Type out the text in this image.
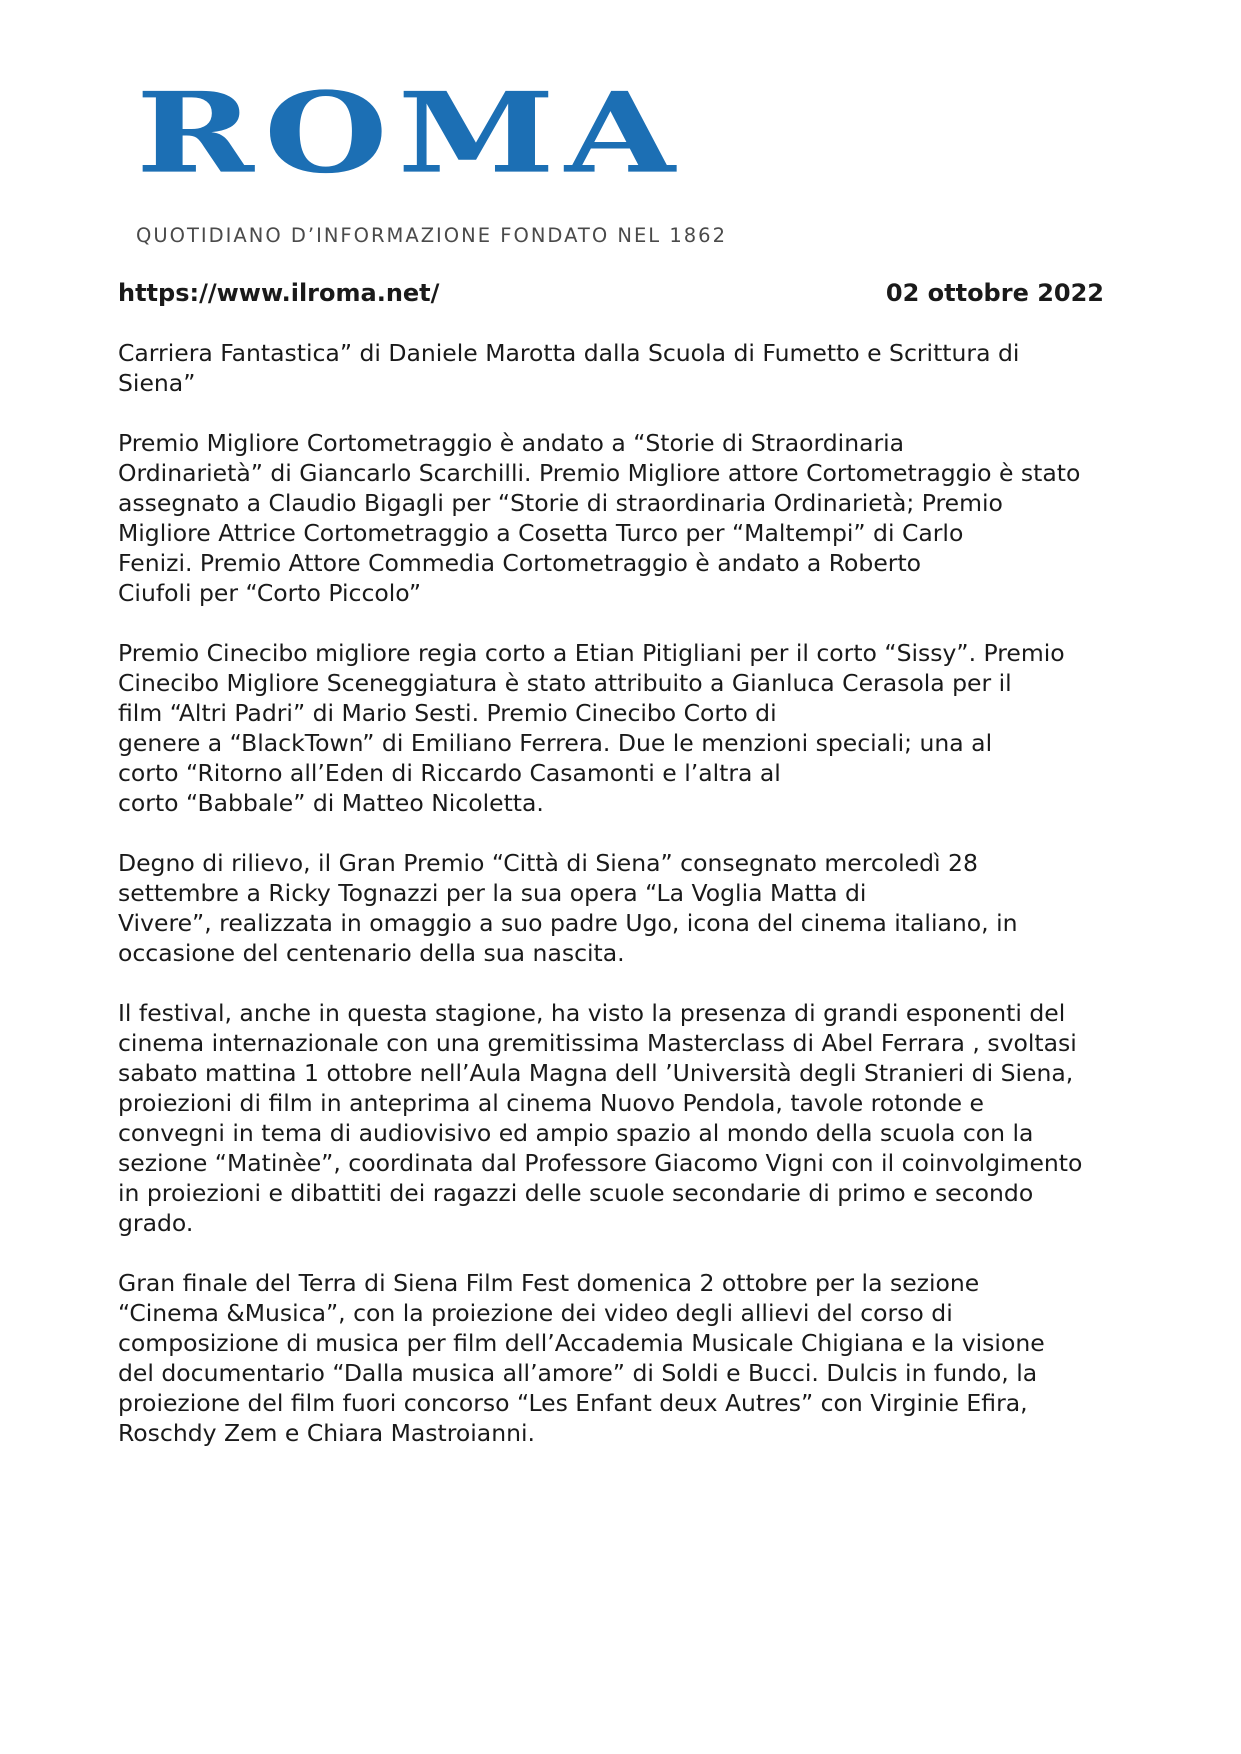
ROMA
QUOTIDIANO D’INFORMAZIONE FONDATO NEL 1862
https://www.ilroma.net/	02 ottobre 2022

Carriera Fantastica” di Daniele Marotta dalla Scuola di Fumetto e Scrittura di
Siena”

Premio Migliore Cortometraggio è andato a “Storie di Straordinaria
Ordinarietà” di Giancarlo Scarchilli. Premio Migliore attore Cortometraggio è stato
assegnato a Claudio Bigagli per “Storie di straordinaria Ordinarietà; Premio
Migliore Attrice Cortometraggio a Cosetta Turco per “Maltempi” di Carlo
Fenizi. Premio Attore Commedia Cortometraggio è andato a Roberto
Ciufoli per “Corto Piccolo”

Premio Cinecibo migliore regia corto a Etian Pitigliani per il corto “Sissy”. Premio
Cinecibo Migliore Sceneggiatura è stato attribuito a Gianluca Cerasola per il
film “Altri Padri” di Mario Sesti. Premio Cinecibo Corto di
genere a “BlackTown” di Emiliano Ferrera. Due le menzioni speciali; una al
corto “Ritorno all’Eden di Riccardo Casamonti e l’altra al
corto “Babbale” di Matteo Nicoletta.

Degno di rilievo, il Gran Premio “Città di Siena” consegnato mercoledì 28
settembre a Ricky Tognazzi per la sua opera “La Voglia Matta di
Vivere”, realizzata in omaggio a suo padre Ugo, icona del cinema italiano, in
occasione del centenario della sua nascita.

Il festival, anche in questa stagione, ha visto la presenza di grandi esponenti del
cinema internazionale con una gremitissima Masterclass di Abel Ferrara , svoltasi
sabato mattina 1 ottobre nell’Aula Magna dell ’Università degli Stranieri di Siena,
proiezioni di film in anteprima al cinema Nuovo Pendola, tavole rotonde e
convegni in tema di audiovisivo ed ampio spazio al mondo della scuola con la
sezione “Matinèe”, coordinata dal Professore Giacomo Vigni con il coinvolgimento
in proiezioni e dibattiti dei ragazzi delle scuole secondarie di primo e secondo
grado.

Gran finale del Terra di Siena Film Fest domenica 2 ottobre per la sezione
“Cinema &Musica”, con la proiezione dei video degli allievi del corso di
composizione di musica per film dell’Accademia Musicale Chigiana e la visione
del documentario “Dalla musica all’amore” di Soldi e Bucci. Dulcis in fundo, la
proiezione del film fuori concorso “Les Enfant deux Autres” con Virginie Efira,
Roschdy Zem e Chiara Mastroianni.
